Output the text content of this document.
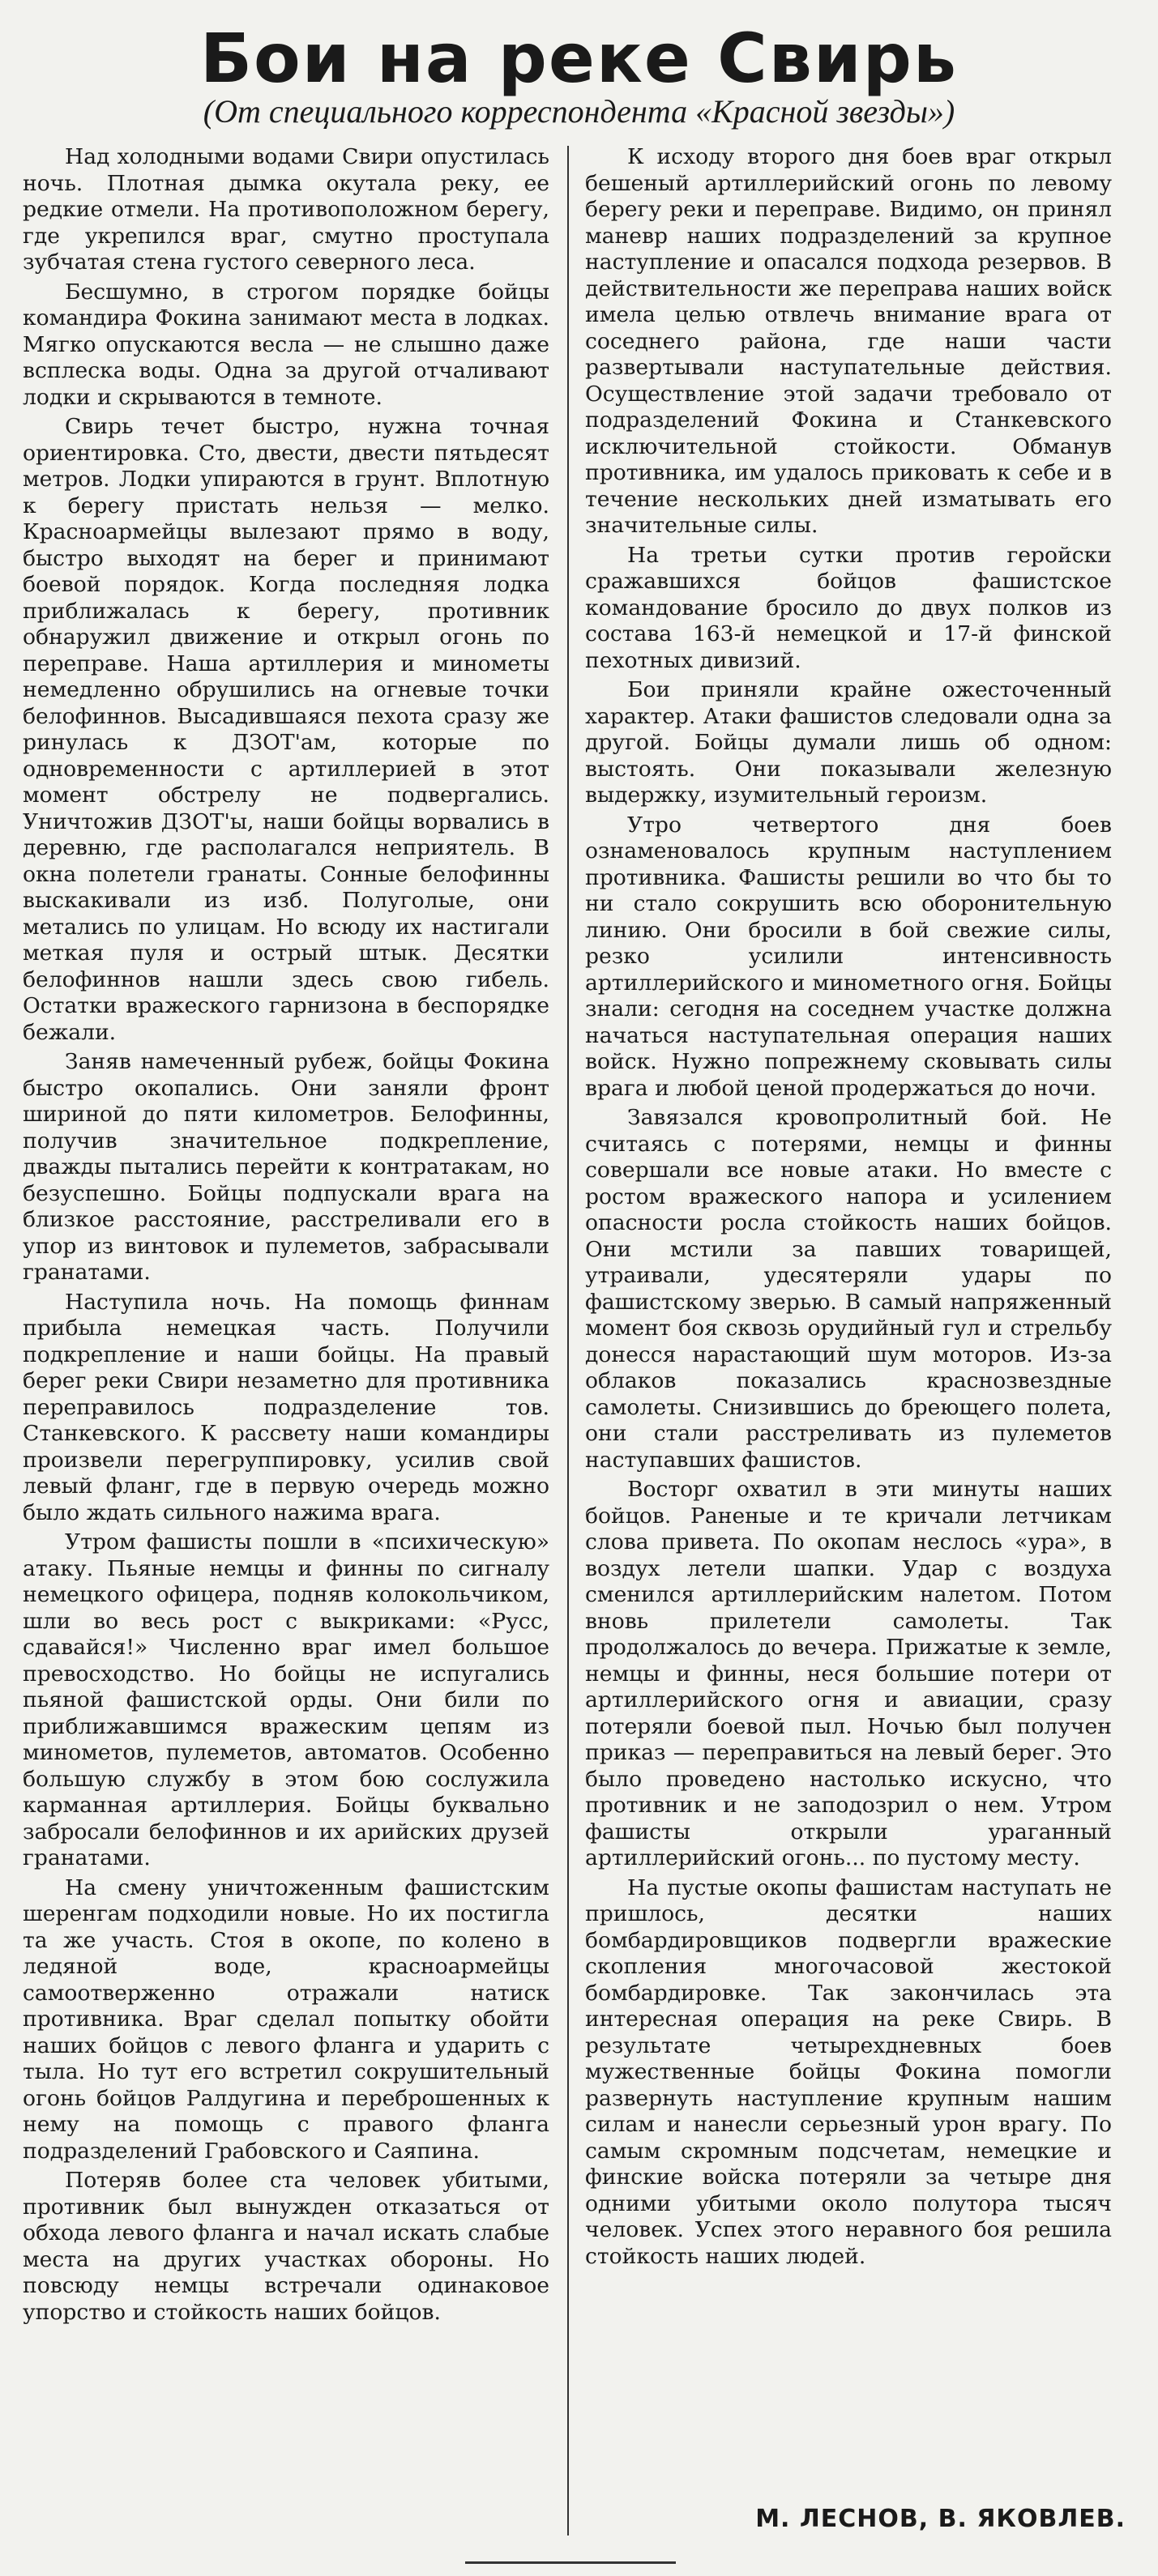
Бои на реке Свирь
(От специального корреспондента «Красной звезды»)

Над холодными водами Свири опустилась ночь. Плотная дымка окутала реку, ее редкие отмели. На противоположном берегу, где укрепился враг, смутно проступала зубчатая стена густого северного леса.

Бесшумно, в строгом порядке бойцы командира Фокина занимают места в лодках. Мягко опускаются весла — не слышно даже всплеска воды. Одна за другой отчаливают лодки и скрываются в темноте.

Свирь течет быстро, нужна точная ориентировка. Сто, двести, двести пятьдесят метров. Лодки упираются в грунт. Вплотную к берегу пристать нельзя — мелко. Красноармейцы вылезают прямо в воду, быстро выходят на берег и принимают боевой порядок. Когда последняя лодка приближалась к берегу, противник обнаружил движение и открыл огонь по переправе. Наша артиллерия и минометы немедленно обрушились на огневые точки белофиннов. Высадившаяся пехота сразу же ринулась к ДЗОТ'ам, которые по одновременности с артиллерией в этот момент обстрелу не подвергались. Уничтожив ДЗОТ'ы, наши бойцы ворвались в деревню, где располагался неприятель. В окна полетели гранаты. Сонные белофинны выскакивали из изб. Полуголые, они метались по улицам. Но всюду их настигали меткая пуля и острый штык. Десятки белофиннов нашли здесь свою гибель. Остатки вражеского гарнизона в беспорядке бежали.

Заняв намеченный рубеж, бойцы Фокина быстро окопались. Они заняли фронт шириной до пяти километров. Белофинны, получив значительное подкрепление, дважды пытались перейти к контратакам, но безуспешно. Бойцы подпускали врага на близкое расстояние, расстреливали его в упор из винтовок и пулеметов, забрасывали гранатами.

Наступила ночь. На помощь финнам прибыла немецкая часть. Получили подкрепление и наши бойцы. На правый берег реки Свири незаметно для противника переправилось подразделение тов. Станкевского. К рассвету наши командиры произвели перегруппировку, усилив свой левый фланг, где в первую очередь можно было ждать сильного нажима врага.

Утром фашисты пошли в «психическую» атаку. Пьяные немцы и финны по сигналу немецкого офицера, подняв колокольчиком, шли во весь рост с выкриками: «Русс, сдавайся!» Численно враг имел большое превосходство. Но бойцы не испугались пьяной фашистской орды. Они били по приближавшимся вражеским цепям из минометов, пулеметов, автоматов. Особенно большую службу в этом бою сослужила карманная артиллерия. Бойцы буквально забросали белофиннов и их арийских друзей гранатами.

На смену уничтоженным фашистским шеренгам подходили новые. Но их постигла та же участь. Стоя в окопе, по колено в ледяной воде, красноармейцы самоотверженно отражали натиск противника. Враг сделал попытку обойти наших бойцов с левого фланга и ударить с тыла. Но тут его встретил сокрушительный огонь бойцов Ралдугина и переброшенных к нему на помощь с правого фланга подразделений Грабовского и Саяпина.

Потеряв более ста человек убитыми, противник был вынужден отказаться от обхода левого фланга и начал искать слабые места на других участках обороны. Но повсюду немцы встречали одинаковое упорство и стойкость наших бойцов.

К исходу второго дня боев враг открыл бешеный артиллерийский огонь по левому берегу реки и переправе. Видимо, он принял маневр наших подразделений за крупное наступление и опасался подхода резервов. В действительности же переправа наших войск имела целью отвлечь внимание врага от соседнего района, где наши части развертывали наступательные действия. Осуществление этой задачи требовало от подразделений Фокина и Станкевского исключительной стойкости. Обманув противника, им удалось приковать к себе и в течение нескольких дней изматывать его значительные силы.

На третьи сутки против геройски сражавшихся бойцов фашистское командование бросило до двух полков из состава 163-й немецкой и 17-й финской пехотных дивизий.

Бои приняли крайне ожесточенный характер. Атаки фашистов следовали одна за другой. Бойцы думали лишь об одном: выстоять. Они показывали железную выдержку, изумительный героизм.

Утро четвертого дня боев ознаменовалось крупным наступлением противника. Фашисты решили во что бы то ни стало сокрушить всю оборонительную линию. Они бросили в бой свежие силы, резко усилили интенсивность артиллерийского и минометного огня. Бойцы знали: сегодня на соседнем участке должна начаться наступательная операция наших войск. Нужно попрежнему сковывать силы врага и любой ценой продержаться до ночи.

Завязался кровопролитный бой. Не считаясь с потерями, немцы и финны совершали все новые атаки. Но вместе с ростом вражеского напора и усилением опасности росла стойкость наших бойцов. Они мстили за павших товарищей, утраивали, удесятеряли удары по фашистскому зверью. В самый напряженный момент боя сквозь орудийный гул и стрельбу донесся нарастающий шум моторов. Из-за облаков показались краснозвездные самолеты. Снизившись до бреющего полета, они стали расстреливать из пулеметов наступавших фашистов.

Восторг охватил в эти минуты наших бойцов. Раненые и те кричали летчикам слова привета. По окопам неслось «ура», в воздух летели шапки. Удар с воздуха сменился артиллерийским налетом. Потом вновь прилетели самолеты. Так продолжалось до вечера. Прижатые к земле, немцы и финны, неся большие потери от артиллерийского огня и авиации, сразу потеряли боевой пыл. Ночью был получен приказ — переправиться на левый берег. Это было проведено настолько искусно, что противник и не заподозрил о нем. Утром фашисты открыли ураганный артиллерийский огонь... по пустому месту.

На пустые окопы фашистам наступать не пришлось, десятки наших бомбардировщиков подвергли вражеские скопления многочасовой жестокой бомбардировке. Так закончилась эта интересная операция на реке Свирь. В результате четырехдневных боев мужественные бойцы Фокина помогли развернуть наступление крупным нашим силам и нанесли серьезный урон врагу. По самым скромным подсчетам, немецкие и финские войска потеряли за четыре дня одними убитыми около полутора тысяч человек. Успех этого неравного боя решила стойкость наших людей.

М. ЛЕСНОВ, В. ЯКОВЛЕВ.
